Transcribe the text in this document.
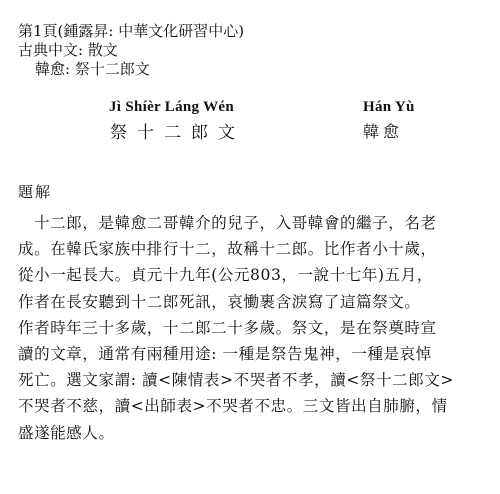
第1頁(鍾露昇: 中華文化研習中心)
古典中文: 散文
韓愈: 祭十二郎文
Jì Shíèr Láng Wén
祭十二郎文
Hán Yù
韓愈
題解
　十二郎，是韓愈二哥韓介的兒子，入哥韓會的繼子，名老
成。在韓氏家族中排行十二，故稱十二郎。比作者小十歲，
從小一起長大。貞元十九年(公元803，一說十七年)五月，
作者在長安聽到十二郎死訊，哀慟裹含淚寫了這篇祭文。
作者時年三十多歲，十二郎二十多歲。祭文，是在祭奠時宣
讀的文章，通常有兩種用途: 一種是祭告鬼神，一種是哀悼
死亡。選文家謂: 讀<陳情表>不哭者不孝，讀<祭十二郎文>
不哭者不慈，讀<出師表>不哭者不忠。三文皆出自肺腑，情
盛遂能感人。
